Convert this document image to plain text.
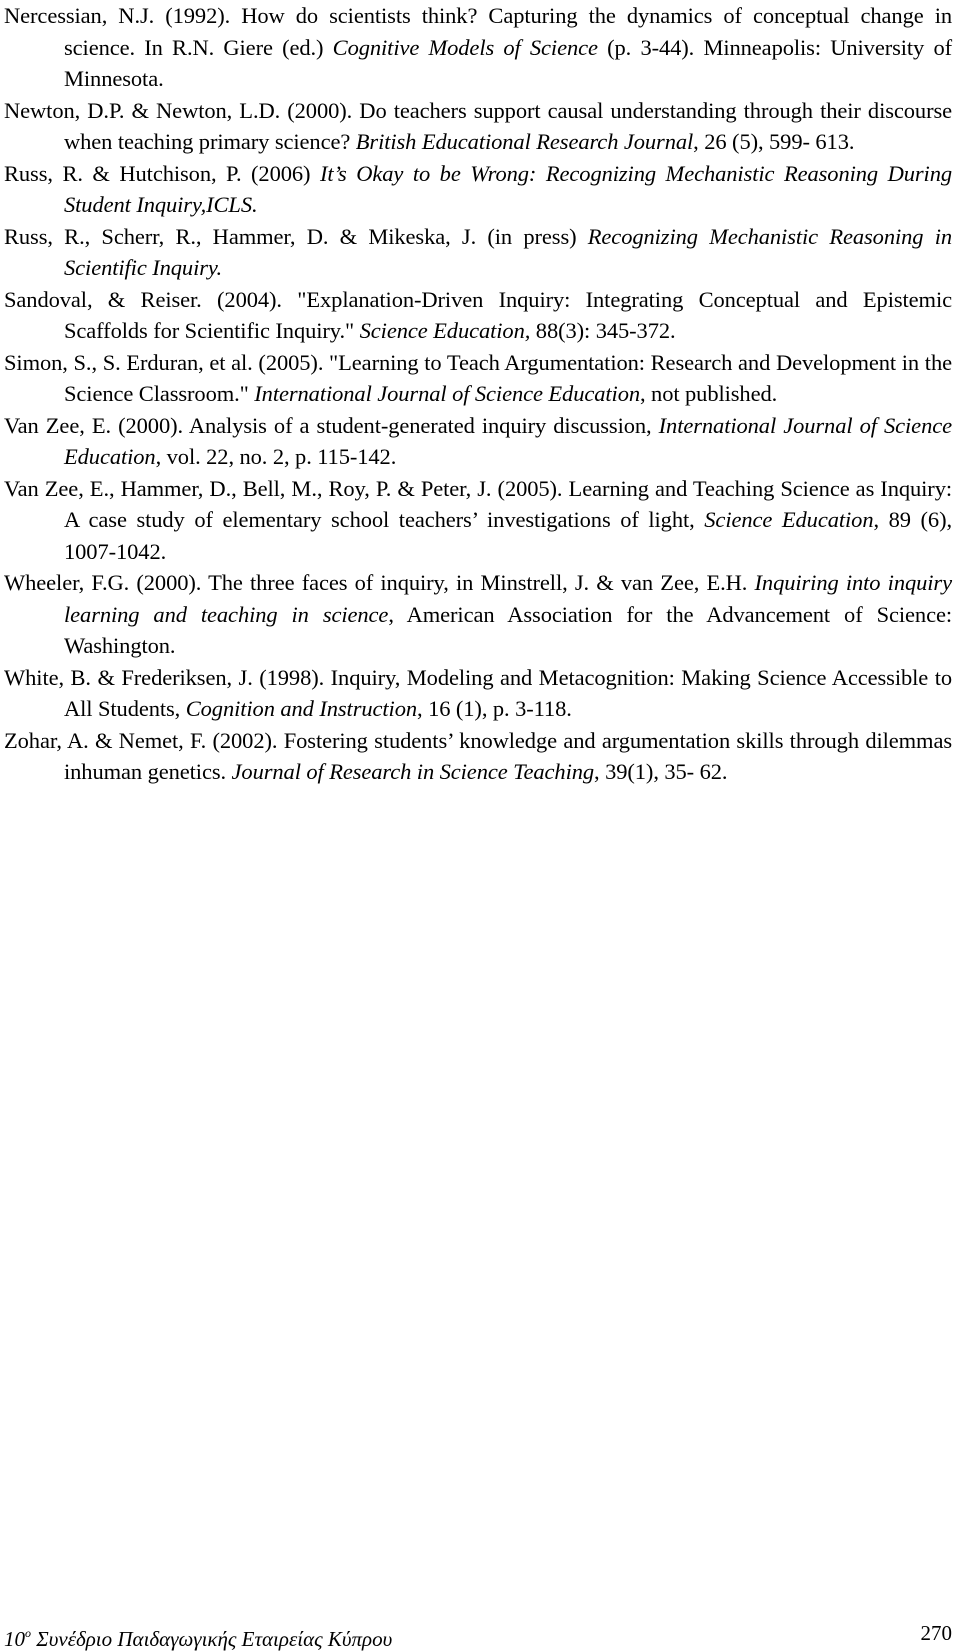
Nercessian, N.J. (1992). How do scientists think? Capturing the dynamics of conceptual change in science. In R.N. Giere (ed.) Cognitive Models of Science (p. 3-44). Minneapolis: University of Minnesota.

Newton, D.P. & Newton, L.D. (2000). Do teachers support causal understanding through their discourse when teaching primary science? British Educational Research Journal, 26 (5), 599- 613.

Russ, R. & Hutchison, P. (2006) It’s Okay to be Wrong: Recognizing Mechanistic Reasoning During Student Inquiry,ICLS.

Russ, R., Scherr, R., Hammer, D. & Mikeska, J. (in press) Recognizing Mechanistic Reasoning in Scientific Inquiry.

Sandoval, & Reiser. (2004). "Explanation-Driven Inquiry: Integrating Conceptual and Epistemic Scaffolds for Scientific Inquiry." Science Education, 88(3): 345-372.

Simon, S., S. Erduran, et al. (2005). "Learning to Teach Argumentation: Research and Development in the Science Classroom." International Journal of Science Education, not published.

Van Zee, E. (2000). Analysis of a student-generated inquiry discussion, International Journal of Science Education, vol. 22, no. 2, p. 115-142.

Van Zee, E., Hammer, D., Bell, M., Roy, P. & Peter, J. (2005). Learning and Teaching Science as Inquiry: A case study of elementary school teachers’ investigations of light, Science Education, 89 (6), 1007-1042.

Wheeler, F.G. (2000). The three faces of inquiry, in Minstrell, J. & van Zee, E.H. Inquiring into inquiry learning and teaching in science, American Association for the Advancement of Science: Washington.

White, B. & Frederiksen, J. (1998). Inquiry, Modeling and Metacognition: Making Science Accessible to All Students, Cognition and Instruction, 16 (1), p. 3-118.

Zohar, A. & Nemet, F. (2002). Fostering students’ knowledge and argumentation skills through dilemmas inhuman genetics. Journal of Research in Science Teaching, 39(1), 35- 62.

$10^o$ Συνέδριο Παιδαγωγικής Εταιρείας Κύπρου	270
